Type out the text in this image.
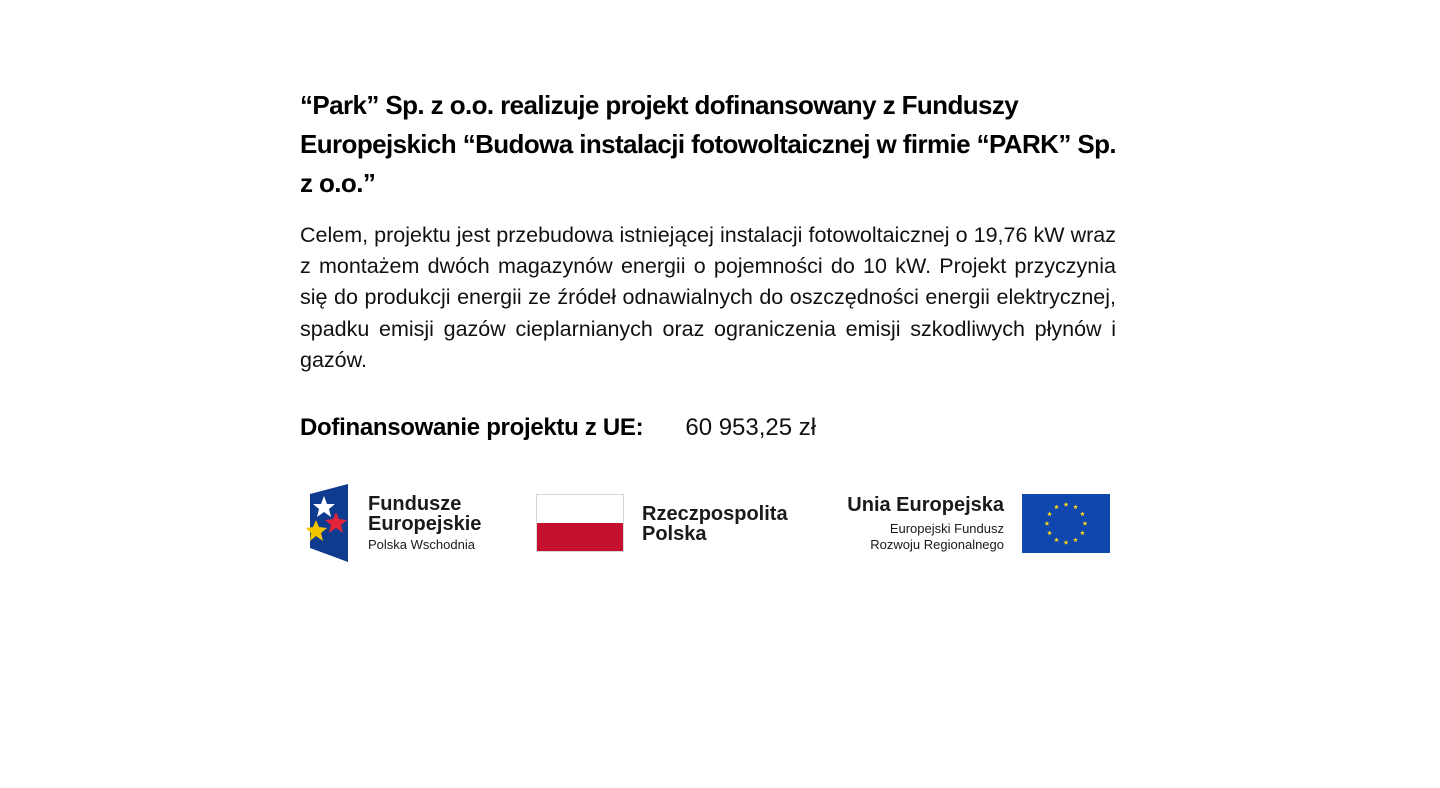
“Park” Sp. z o.o. realizuje projekt dofinansowany z Funduszy Europejskich “Budowa instalacji fotowoltaicznej w firmie “PARK” Sp. z o.o.”

Celem, projektu jest przebudowa istniejącej instalacji fotowoltaicznej o 19,76 kW wraz z montażem dwóch magazynów energii o pojemności do 10 kW. Projekt przyczynia się do produkcji energii ze źródeł odnawialnych do oszczędności energii elektrycznej, spadku emisji gazów cieplarnianych oraz ograniczenia emisji szkodliwych płynów i gazów.

Dofinansowanie projektu z UE: 60 953,25 zł
Fundusze
Europejskie
Polska Wschodnia
Rzeczpospolita
Polska
Unia Europejska
Europejski Fundusz
Rozwoju Regionalnego
